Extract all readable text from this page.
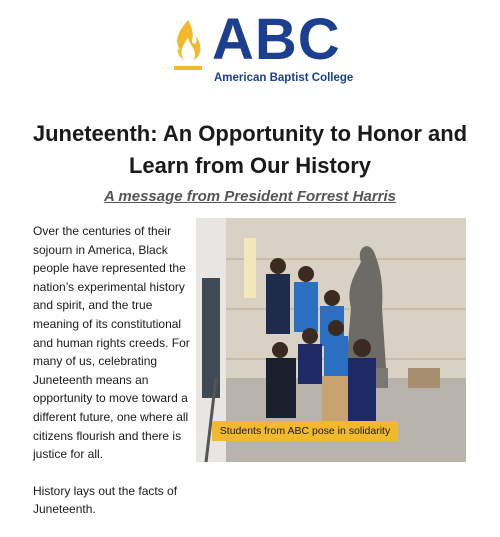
ABC
American Baptist College
Juneteenth: An Opportunity to Honor and Learn from Our History
A message from President Forrest Harris

Over the centuries of their sojourn in America, Black people have represented the nation’s experimental history and spirit, and the true meaning of its constitutional and human rights creeds. For many of us, celebrating Juneteenth means an opportunity to move toward a different future, one where all citizens flourish and there is justice for all.

History lays out the facts of Juneteenth.

Students from ABC pose in solidarity
